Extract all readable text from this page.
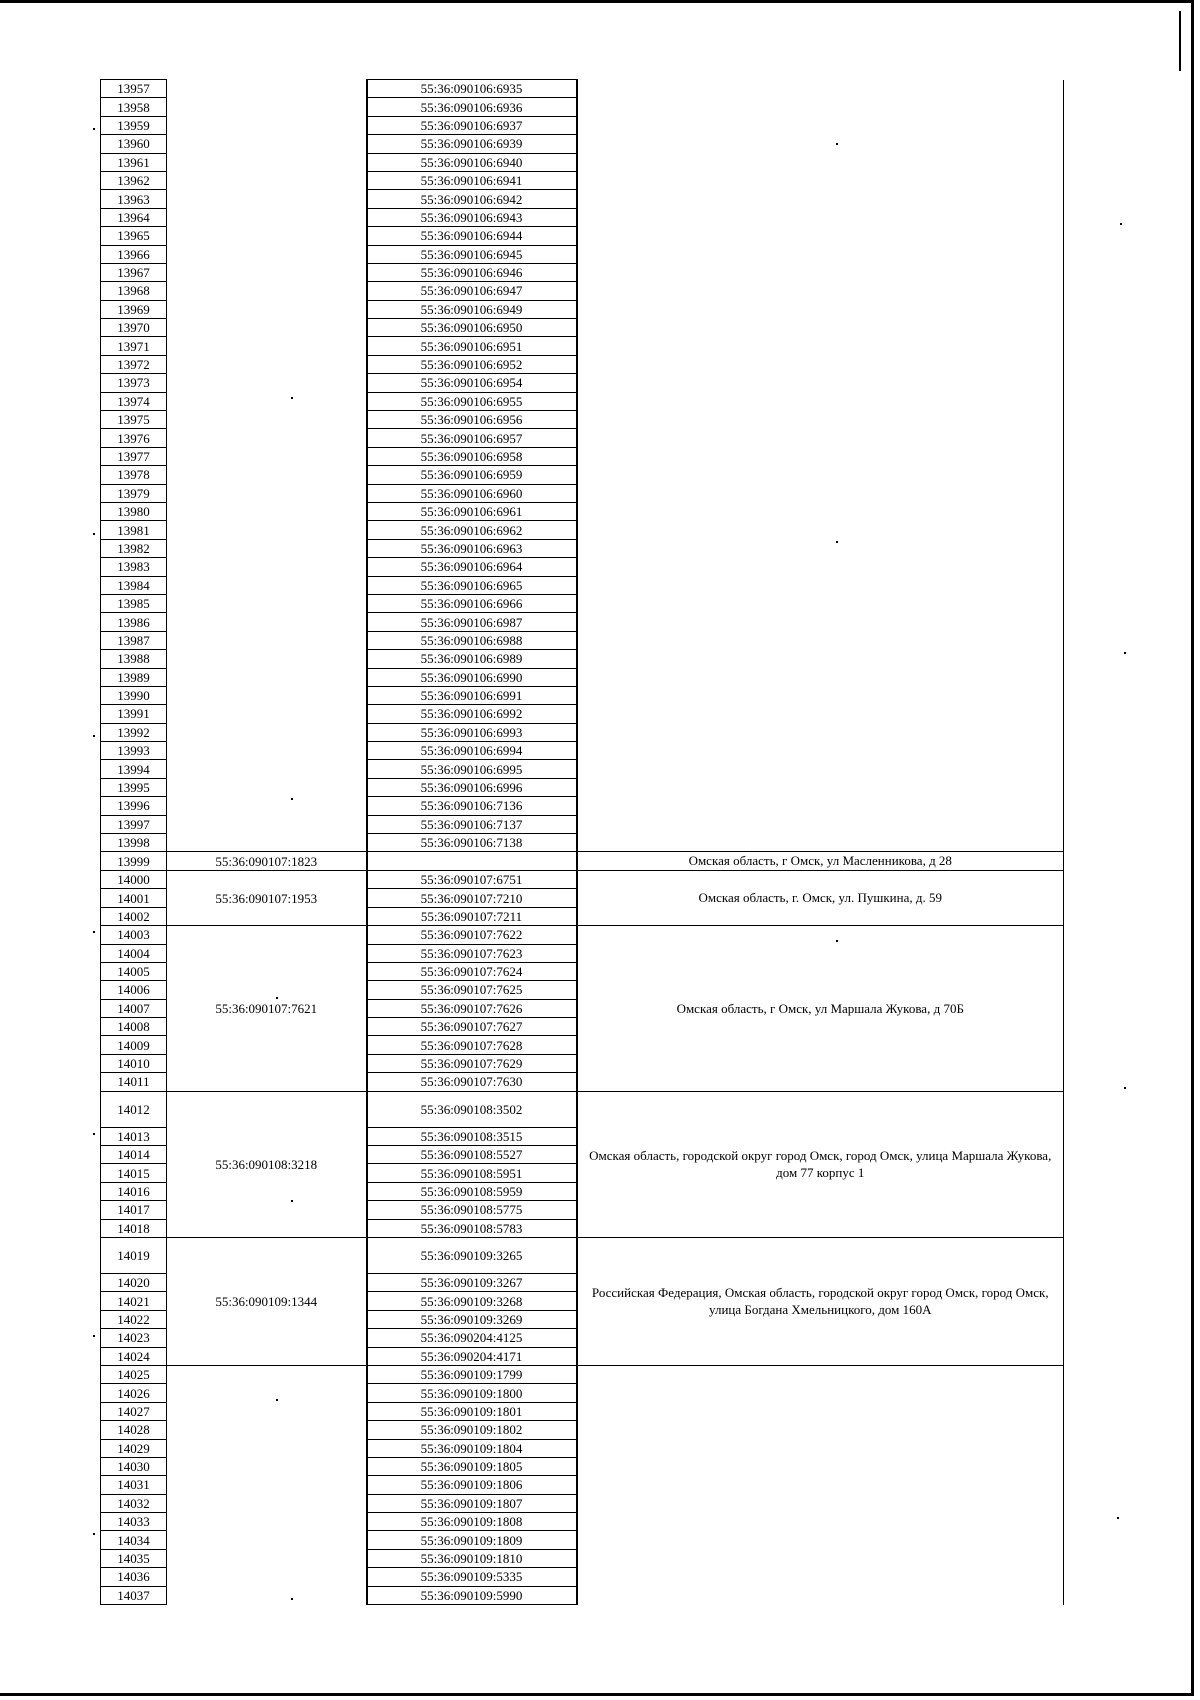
13957		55:36:090106:6935	
13958		55:36:090106:6936	
13959		55:36:090106:6937	
13960		55:36:090106:6939	
13961		55:36:090106:6940	
13962		55:36:090106:6941	
13963		55:36:090106:6942	
13964		55:36:090106:6943	
13965		55:36:090106:6944	
13966		55:36:090106:6945	
13967		55:36:090106:6946	
13968		55:36:090106:6947	
13969		55:36:090106:6949	
13970		55:36:090106:6950	
13971		55:36:090106:6951	
13972		55:36:090106:6952	
13973		55:36:090106:6954	
13974		55:36:090106:6955	
13975		55:36:090106:6956	
13976		55:36:090106:6957	
13977		55:36:090106:6958	
13978		55:36:090106:6959	
13979		55:36:090106:6960	
13980		55:36:090106:6961	
13981		55:36:090106:6962	
13982		55:36:090106:6963	
13983		55:36:090106:6964	
13984		55:36:090106:6965	
13985		55:36:090106:6966	
13986		55:36:090106:6987	
13987		55:36:090106:6988	
13988		55:36:090106:6989	
13989		55:36:090106:6990	
13990		55:36:090106:6991	
13991		55:36:090106:6992	
13992		55:36:090106:6993	
13993		55:36:090106:6994	
13994		55:36:090106:6995	
13995		55:36:090106:6996	
13996		55:36:090106:7136	
13997		55:36:090106:7137	
13998		55:36:090106:7138	
13999	55:36:090107:1823		Омская область, г Омск, ул Масленникова, д 28
14000	55:36:090107:1953	55:36:090107:6751	Омская область, г. Омск, ул. Пушкина, д. 59
14001		55:36:090107:7210	
14002		55:36:090107:7211	
14003	55:36:090107:7621	55:36:090107:7622	Омская область, г Омск, ул Маршала Жукова, д 70Б
14004		55:36:090107:7623	
14005		55:36:090107:7624	
14006		55:36:090107:7625	
14007		55:36:090107:7626	
14008		55:36:090107:7627	
14009		55:36:090107:7628	
14010		55:36:090107:7629	
14011		55:36:090107:7630	
14012	55:36:090108:3218	55:36:090108:3502	Омская область, городской округ город Омск, город Омск, улица Маршала Жукова, дом 77 корпус 1
14013		55:36:090108:3515	
14014		55:36:090108:5527	
14015		55:36:090108:5951	
14016		55:36:090108:5959	
14017		55:36:090108:5775	
14018		55:36:090108:5783	
14019	55:36:090109:1344	55:36:090109:3265	Российская Федерация, Омская область, городской округ город Омск, город Омск, улица Богдана Хмельницкого, дом 160А
14020		55:36:090109:3267	
14021		55:36:090109:3268	
14022		55:36:090109:3269	
14023		55:36:090204:4125	
14024		55:36:090204:4171	
14025		55:36:090109:1799	
14026		55:36:090109:1800	
14027		55:36:090109:1801	
14028		55:36:090109:1802	
14029		55:36:090109:1804	
14030		55:36:090109:1805	
14031		55:36:090109:1806	
14032		55:36:090109:1807	
14033		55:36:090109:1808	
14034		55:36:090109:1809	
14035		55:36:090109:1810	
14036		55:36:090109:5335	
14037		55:36:090109:5990	
